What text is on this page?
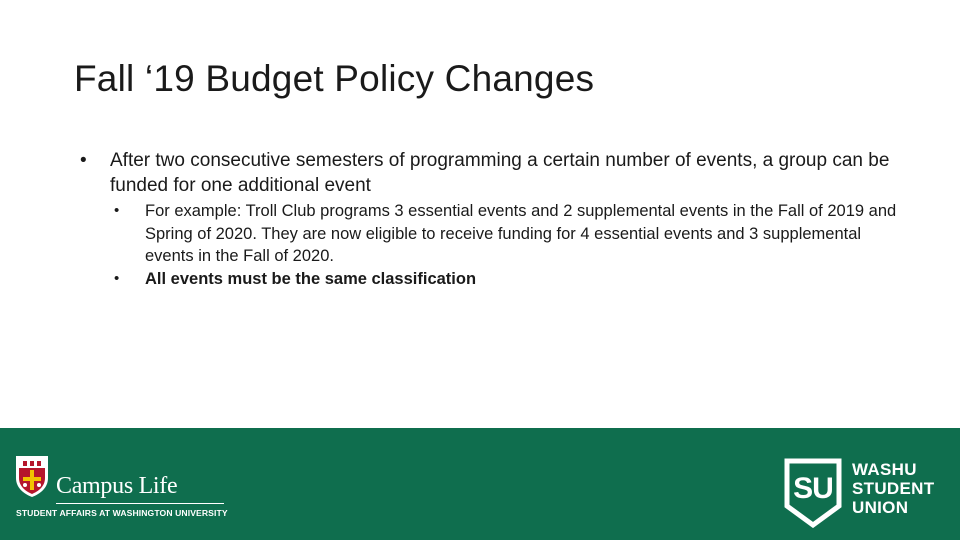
Fall ‘19 Budget Policy Changes
• After two consecutive semesters of programming a certain number of events, a group can be funded for one additional event
• For example: Troll Club programs 3 essential events and 2 supplemental events in the Fall of 2019 and Spring of 2020. They are now eligible to receive funding for 4 essential events and 3 supplemental events in the Fall of 2020.
• All events must be the same classification
Campus Life
STUDENT AFFAIRS AT WASHINGTON UNIVERSITY
SU
WASHU
STUDENT
UNION
